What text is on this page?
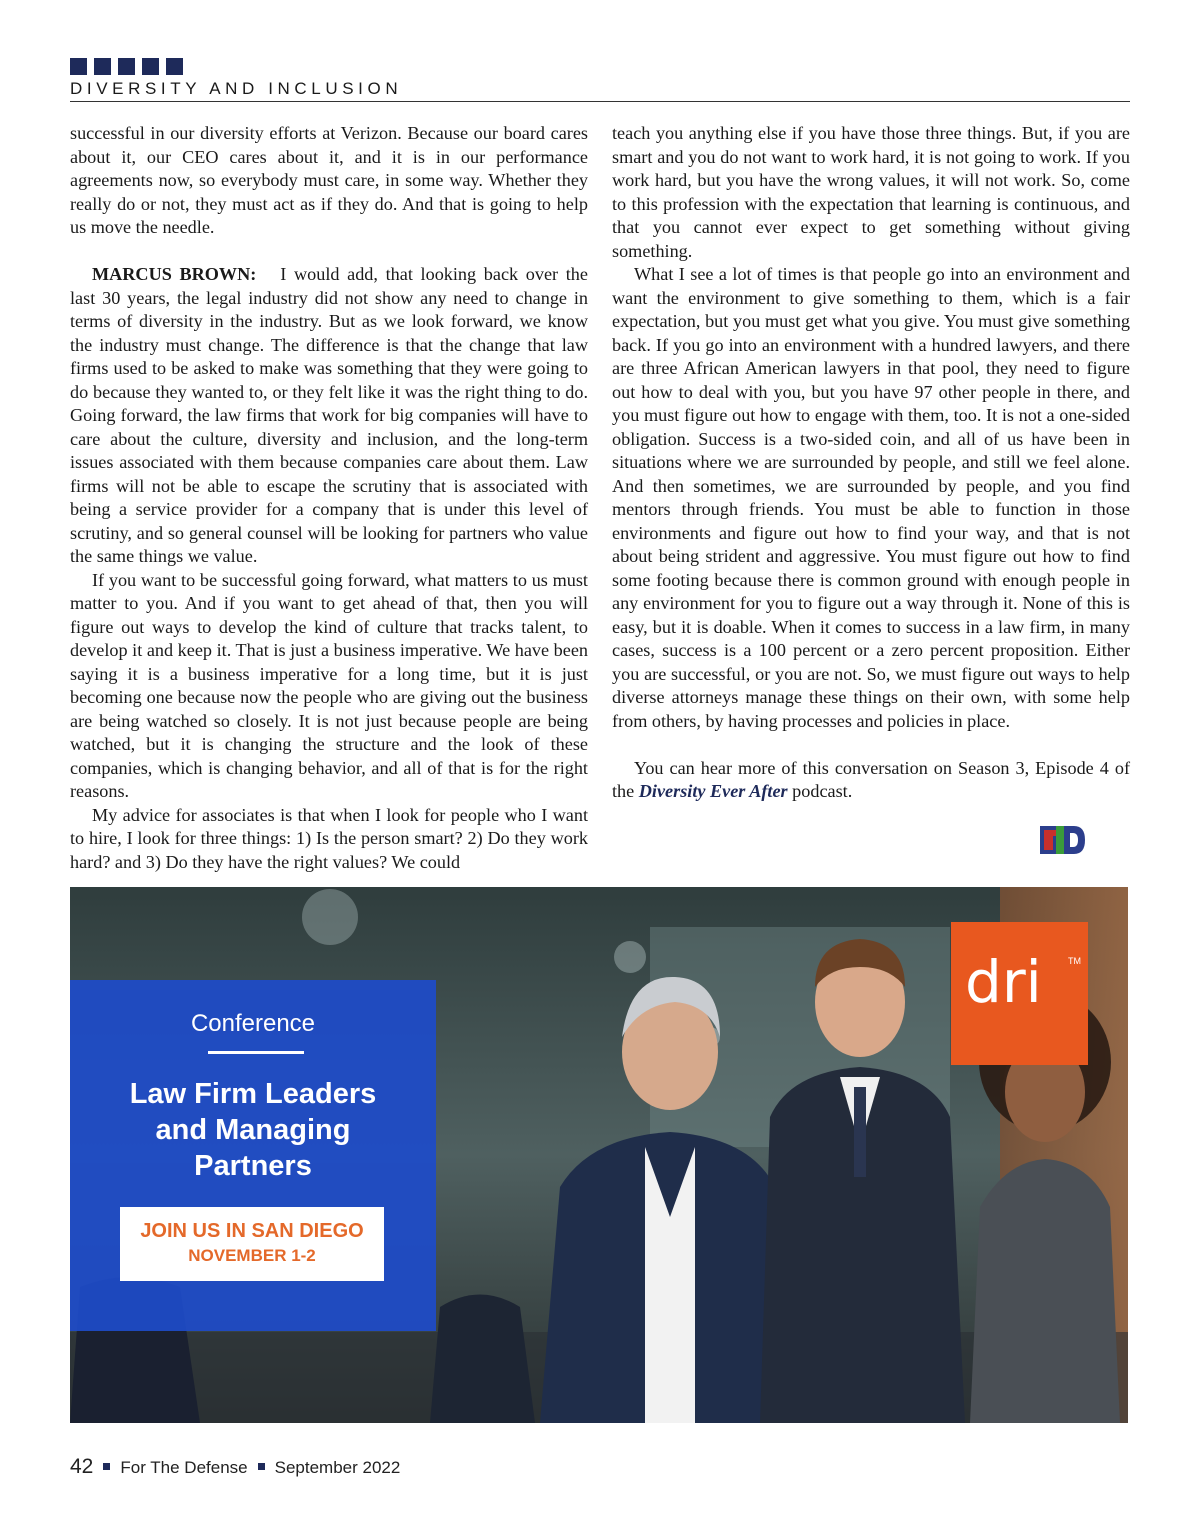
DIVERSITY AND INCLUSION

successful in our diversity efforts at Verizon. Because our board cares about it, our CEO cares about it, and it is in our performance agreements now, so everybody must care, in some way. Whether they really do or not, they must act as if they do. And that is going to help us move the needle.

MARCUS BROWN: I would add, that looking back over the last 30 years, the legal industry did not show any need to change in terms of diversity in the industry. But as we look forward, we know the industry must change. The difference is that the change that law firms used to be asked to make was something that they were going to do because they wanted to, or they felt like it was the right thing to do. Going forward, the law firms that work for big companies will have to care about the culture, diversity and inclusion, and the long-term issues associated with them because companies care about them. Law firms will not be able to escape the scrutiny that is associated with being a service provider for a company that is under this level of scrutiny, and so general counsel will be looking for partners who value the same things we value.

If you want to be successful going forward, what matters to us must matter to you. And if you want to get ahead of that, then you will figure out ways to develop the kind of culture that tracks talent, to develop it and keep it. That is just a business imperative. We have been saying it is a business imperative for a long time, but it is just becoming one because now the people who are giving out the business are being watched so closely. It is not just because people are being watched, but it is changing the structure and the look of these companies, which is changing behavior, and all of that is for the right reasons.

My advice for associates is that when I look for people who I want to hire, I look for three things: 1) Is the person smart? 2) Do they work hard? and 3) Do they have the right values? We could

teach you anything else if you have those three things. But, if you are smart and you do not want to work hard, it is not going to work. If you work hard, but you have the wrong values, it will not work. So, come to this profession with the expectation that learning is continuous, and that you cannot ever expect to get something without giving something.

What I see a lot of times is that people go into an environment and want the environment to give something to them, which is a fair expectation, but you must get what you give. You must give something back. If you go into an environment with a hundred lawyers, and there are three African American lawyers in that pool, they need to figure out how to deal with you, but you have 97 other people in there, and you must figure out how to engage with them, too. It is not a one-sided obligation. Success is a two-sided coin, and all of us have been in situations where we are surrounded by people, and still we feel alone. And then sometimes, we are surrounded by people, and you find mentors through friends. You must be able to function in those environments and figure out how to find your way, and that is not about being strident and aggressive. You must figure out how to find some footing because there is common ground with enough people in any environment for you to figure out a way through it. None of this is easy, but it is doable. When it comes to success in a law firm, in many cases, success is a 100 percent or a zero percent proposition. Either you are successful, or you are not. So, we must figure out ways to help diverse attorneys manage these things on their own, with some help from others, by having processes and policies in place.

You can hear more of this conversation on Season 3, Episode 4 of the Diversity Ever After podcast.

Conference
Law Firm Leaders
and Managing
Partners
JOIN US IN SAN DIEGO
NOVEMBER 1-2
dri	TM
42 For The Defense September 2022
